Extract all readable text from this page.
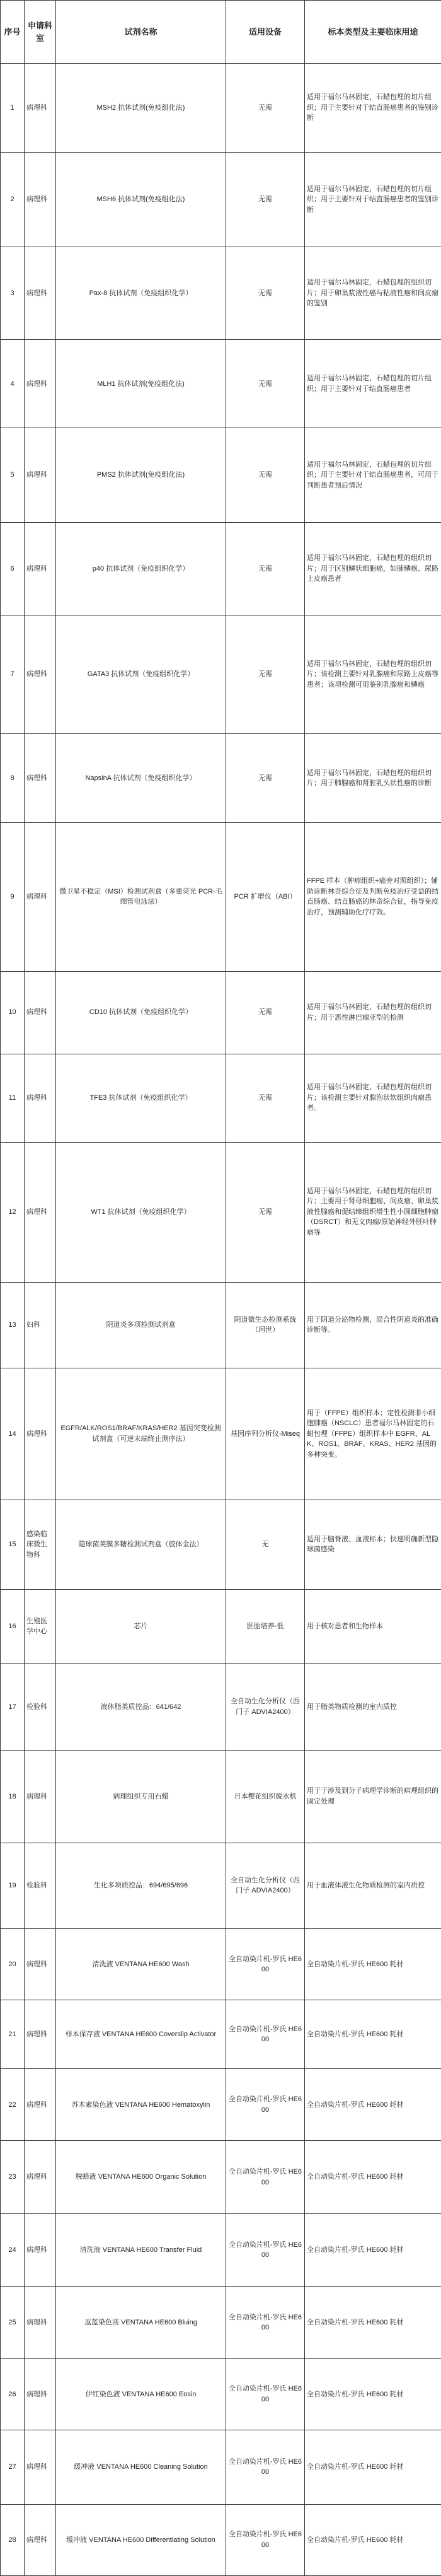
序号	申请科室	试剂名称	适用设备	标本类型及主要临床用途
1	病理科	MSH2 抗体试剂(免疫组化法)	无需	适用于福尔马林固定，石蜡包埋的切片组织；用于主要针对于结直肠癌患者的鉴别诊断
2	病理科	MSH6 抗体试剂(免疫组化法)	无需	适用于福尔马林固定，石蜡包埋的切片组织；用于主要针对于结直肠癌患者的鉴别诊断
3	病理科	Pax-8 抗体试剂（免疫组织化学）	无需	适用于福尔马林固定，石蜡包埋的组织切片；用于卵巢浆液性癌与粘液性癌和间皮瘤的鉴别
4	病理科	MLH1 抗体试剂(免疫组化法)	无需	适用于福尔马林固定，石蜡包埋的切片组织；用于主要针对于结直肠癌患者
5	病理科	PMS2 抗体试剂(免疫组化法)	无需	适用于福尔马林固定，石蜡包埋的切片组织；用于主要针对于结直肠癌患者，可用于判断患者预后情况
6	病理科	p40 抗体试剂（免疫组织化学）	无需	适用于福尔马林固定，石蜡包埋的组织切片；用于区别鳞状细胞癌，如肺鳞癌、尿路上皮癌患者
7	病理科	GATA3 抗体试剂（免疫组织化学）	无需	适用于福尔马林固定，石蜡包埋的组织切片；该检测主要针对乳腺癌和尿路上皮癌等患者；该项检测可用鉴别乳腺癌和鳞癌
8	病理科	NapsinA 抗体试剂（免疫组织化学）	无需	适用于福尔马林固定，石蜡包埋的组织切片；用于肺腺癌和肾脏乳头状性癌的诊断
9	病理科	微卫星不稳定（MSI）检测试剂盒（多重荧光 PCR-毛细管电泳法）	PCR 扩增仪（ABI）	FFPE 样本（肿瘤组织+癌旁对照组织）；辅助诊断林奇综合征及判断免疫治疗受益的结直肠癌、结直肠癌的林奇综合征，指导免疫治疗，预测辅助化疗疗效。
10	病理科	CD10 抗体试剂（免疫组织化学）	无需	适用于福尔马林固定，石蜡包埋的组织切片；用于恶性淋巴瘤亚型的检测
11	病理科	TFE3 抗体试剂（免疫组织化学）	无需	适用于福尔马林固定，石蜡包埋的组织切片；该检测主要针对腺泡状软组织肉瘤患者。
12	病理科	WT1 抗体试剂（免疫组织化学）	无需	适用于福尔马林固定，石蜡包埋的组织切片；主要用于肾母细胞瘤、间皮瘤、卵巢浆液性腺癌和促结缔组织增生性小圆细胞肿瘤（DSRCT）和无文肉瘤/原始神经外胚叶肿瘤等
13	妇科	阴道炎多项检测试剂盒	阴道微生态检测系统（珂世）	用于阴道分泌物检测，混合性阴道炎的准确诊断等。
14	病理科	EGFR/ALK/ROS1/BRAF/KRAS/HER2 基因突变检测试剂盒（可逆末端终止测序法）	基因序列分析仪-Miseq	用于（FFPE）组织样本；定性检测非小细胞肺癌（NSCLC）患者福尔马林固定的石蜡包埋（FFPE）组织样本中 EGFR、ALK、ROS1、BRAF、KRAS、HER2 基因的多种突变。
15	感染临床微生物科	隐球菌荚膜多糖检测试剂盒（胶体金法）	无	适用于脑脊液、血液标本；快速明确新型隐球菌感染
16	生殖医学中心	芯片	胚胎培养-低	用于核对患者和生物样本
17	检验科	液体脂类质控品：641/642	全自动生化分析仪（西门子 ADVIA2400）	用于脂类物质检测的室内质控
18	病理科	病理组织专用石蜡	日本樱花组织脱水机	用于于涉及到分子病理学诊断的病理组织的固定处理
19	检验科	生化多项质控品：694/695/696	全自动生化分析仪（西门子 ADVIA2400）	用于血液体液生化物质检测的室内质控
20	病理科	清洗液 VENTANA HE600 Wash	全自动染片机-罗氏 HE600	全自动染片机-罗氏 HE600 耗材
21	病理科	样本保存液 VENTANA HE600 Coverslip Activator	全自动染片机-罗氏 HE600	全自动染片机-罗氏 HE600 耗材
22	病理科	苏木素染色液 VENTANA HE600 Hematoxylin	全自动染片机-罗氏 HE600	全自动染片机-罗氏 HE600 耗材
23	病理科	脱蜡液 VENTANA HE600 Organic Solution	全自动染片机-罗氏 HE600	全自动染片机-罗氏 HE600 耗材
24	病理科	清洗液 VENTANA HE600 Transfer Fluid	全自动染片机-罗氏 HE600	全自动染片机-罗氏 HE600 耗材
25	病理科	返蓝染色液 VENTANA HE600 Bluing	全自动染片机-罗氏 HE600	全自动染片机-罗氏 HE600 耗材
26	病理科	伊红染色液 VENTANA HE600 Eosin	全自动染片机-罗氏 HE600	全自动染片机-罗氏 HE600 耗材
27	病理科	缓冲液 VENTANA HE600 Cleaning Solution	全自动染片机-罗氏 HE600	全自动染片机-罗氏 HE600 耗材
28	病理科	缓冲液 VENTANA HE600 Differentiating Solution	全自动染片机-罗氏 HE600	全自动染片机-罗氏 HE600 耗材
